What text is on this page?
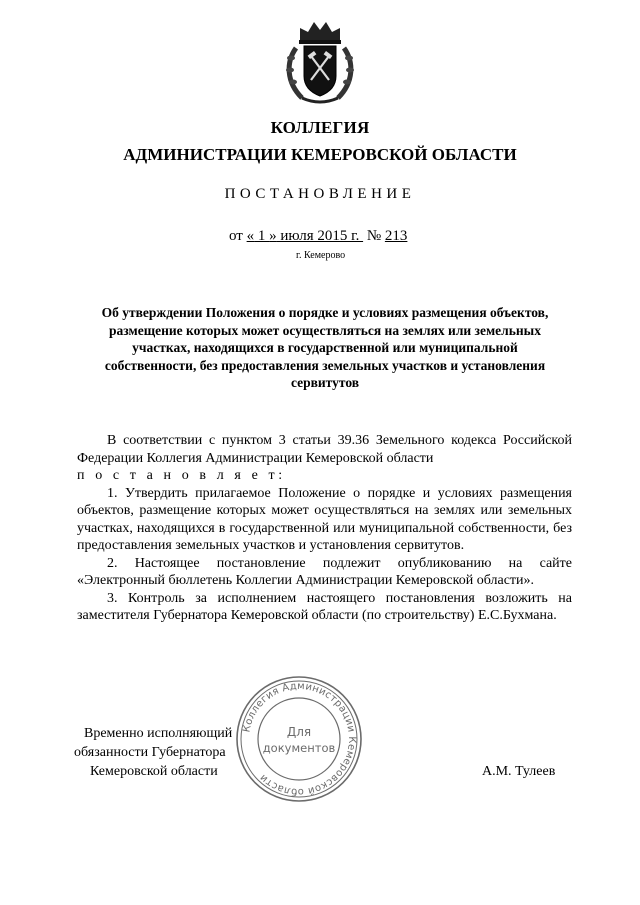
КОЛЛЕГИЯ
АДМИНИСТРАЦИИ КЕМЕРОВСКОЙ ОБЛАСТИ
ПОСТАНОВЛЕНИЕ
от « 1 » июля 2015 г.  № 213
г. Кемерово
Об утверждении Положения о порядке и условиях размещения объектов, размещение которых может осуществляться на землях или земельных участках, находящихся в государственной или муниципальной собственности, без предоставления земельных участков и установления сервитутов

В соответствии с пунктом 3 статьи 39.36 Земельного кодекса Российской Федерации Коллегия Администрации Кемеровской области

п о с т а н о в л я е т:

1. Утвердить прилагаемое Положение о порядке и условиях размещения объектов, размещение которых может осуществляться на землях или земельных участках, находящихся в государственной или муниципальной собственности, без предоставления земельных участков и установления сервитутов.

2. Настоящее постановление подлежит опубликованию на сайте «Электронный бюллетень Коллегии Администрации Кемеровской области».

3. Контроль за исполнением настоящего постановления возложить на заместителя Губернатора Кемеровской области (по строительству) Е.С.Бухмана.

Временно исполняющий
обязанности Губернатора
Кемеровской области	А.М. Тулеев
Коллегия Администрации Кемеровской области
Для
документов
